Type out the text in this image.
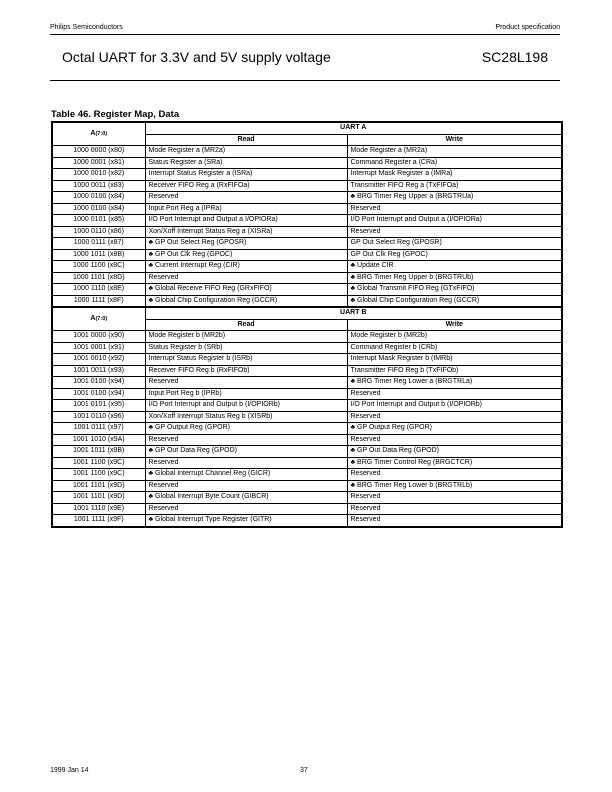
Philips Semiconductors	Product specification
Octal UART for 3.3V and 5V supply voltage	SC28L198
Table 46. Register Map, Data
A(7:0)	UART A	
	Read	Write
1000 0000 (x80)	Mode Register a (MR2a)	Mode Register a (MR2a)
1000 0001 (x81)	Status Register a (SRa)	Command Register a (CRa)
1000 0010 (x82)	Interrupt Status Register a (ISRa)	Interrupt Mask Register a (IMRa)
1000 0011 (x83)	Receiver FIFO Reg a (RxFIFOa)	Transmitter FIFO Reg a (TxFIFOa)
1000 0100 (x84)	Reserved	♣ BRG Timer Reg Upper a (BRGTRUa)
1000 0100 (x84)	Input Port Reg a (IPRa)	Reserved
1000 0101 (x85)	I/O Port Interrupt and Output a I/OPIORa)	I/O Port Interrupt and Output a (I/OPIORa)
1000 0110 (x86)	Xon/Xoff Interrupt Status Reg a (XISRa)	Reserved
1000 0111 (x87)	♣ GP Out Select Reg (GPOSR)	GP Out Select Reg (GPOSR)
1000 1011 (x8B)	♣ GP Out Clk Reg (GPOC)	GP Out Clk Reg (GPOC)
1000 1100 (x8C)	♣ Current Interrupt Reg (CIR)	♣ Update CIR
1000 1101 (x8D)	Reserved	♣ BRG Timer Reg Upper b (BRGTRUb)
1000 1110 (x8E)	♣ Global Receive FIFO Reg (GRxFIFO)	♣ Global Transmit FIFO Reg (GTxFIFO)
1000 1111 (x8F)	♣ Global Chip Configuration Reg (GCCR)	♣ Global Chip Configuration Reg (GCCR)
A(7:0)	UART B	
	Read	Write
1001 0000 (x90)	Mode Register b (MR2b)	Mode Register b (MR2b)
1001 0001 (x91)	Status Register b (SRb)	Command Register b (CRb)
1001 0010 (x92)	Interrupt Status Register b (ISRb)	Interrupt Mask Register b (IMRb)
1001 0011 (x93)	Receiver FIFO Reg b (RxFIFOb)	Transmitter FIFO Reg b (TxFIFOb)
1001 0100 (x94)	Reserved	♣ BRG Timer Reg Lower a (BRGTRLa)
1001 0100 (x94)	Input Port Reg b (IPRb)	Reserved
1001 0101 (x95)	I/O Port Interrupt and Output b (I/OPIORb)	I/O Port Interrupt and Output b (I/OPIORb)
1001 0110 (x96)	Xon/Xoff Interrupt Status Reg b (XISRb)	Reserved
1001 0111 (x97)	♣ GP Output Reg (GPOR)	♣ GP Output Reg (GPOR)
1001 1010 (x9A)	Reserved	Reserved
1001 1011 (x9B)	♣ GP Out Data Reg (GPOD)	♣ GP Out Data Reg (GPOD)
1001 1100 (x9C)	Reserved	♣ BRG Timer Control Reg (BRGCTCR)
1001 1100 (x9C)	♣ Global Interrupt Channel Reg (GICR)	Reserved
1001 1101 (x9D)	Reserved	♣ BRG Timer Reg Lower b (BRGTRLb)
1001 1101 (x9D)	♣ Global Interrupt Byte Count (GIBCR)	Reserved
1001 1110 (x9E)	Reserved	Reserved
1001 1111 (x9F)	♣ Global Interrupt Type Register (GITR)	Reserved
1999 Jan 14	37
